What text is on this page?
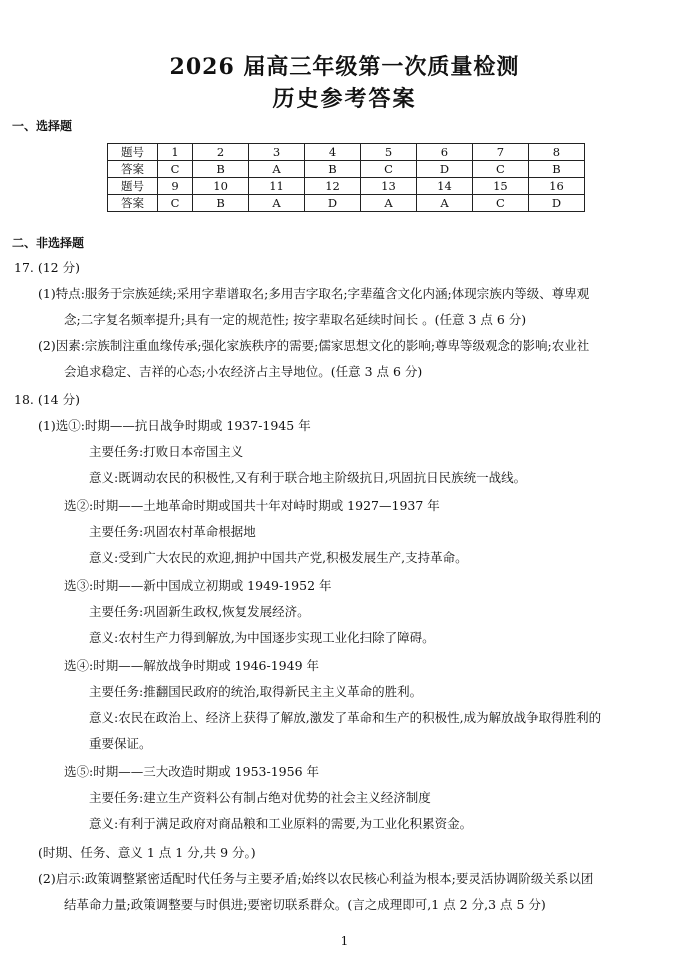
2026 届高三年级第一次质量检测
历史参考答案
一、选择题
题号	1	2	3	4	5	6	7	8
答案	C	B	A	B	C	D	C	B
题号	9	10	11	12	13	14	15	16
答案	C	B	A	D	A	A	C	D
二、非选择题
17. (12 分)
(1)特点:服务于宗族延续;采用字辈谱取名;多用吉字取名;字辈蕴含文化内涵;体现宗族内等级、尊卑观
念;二字复名频率提升;具有一定的规范性; 按字辈取名延续时间长 。(任意 3 点 6 分)
(2)因素:宗族制注重血缘传承;强化家族秩序的需要;儒家思想文化的影响;尊卑等级观念的影响;农业社
会追求稳定、吉祥的心态;小农经济占主导地位。(任意 3 点 6 分)
18. (14 分)
(1)选①:时期——抗日战争时期或 1937-1945 年
主要任务:打败日本帝国主义
意义:既调动农民的积极性,又有利于联合地主阶级抗日,巩固抗日民族统一战线。
选②:时期——土地革命时期或国共十年对峙时期或 1927—1937 年
主要任务:巩固农村革命根据地
意义:受到广大农民的欢迎,拥护中国共产党,积极发展生产,支持革命。
选③:时期——新中国成立初期或 1949-1952 年
主要任务:巩固新生政权,恢复发展经济。
意义:农村生产力得到解放,为中国逐步实现工业化扫除了障碍。
选④:时期——解放战争时期或 1946-1949 年
主要任务:推翻国民政府的统治,取得新民主主义革命的胜利。
意义:农民在政治上、经济上获得了解放,激发了革命和生产的积极性,成为解放战争取得胜利的
重要保证。
选⑤:时期——三大改造时期或 1953-1956 年
主要任务:建立生产资料公有制占绝对优势的社会主义经济制度
意义:有利于满足政府对商品粮和工业原料的需要,为工业化积累资金。
(时期、任务、意义 1 点 1 分,共 9 分。)
(2)启示:政策调整紧密适配时代任务与主要矛盾;始终以农民核心利益为根本;要灵活协调阶级关系以团
结革命力量;政策调整要与时俱进;要密切联系群众。(言之成理即可,1 点 2 分,3 点 5 分)
1
